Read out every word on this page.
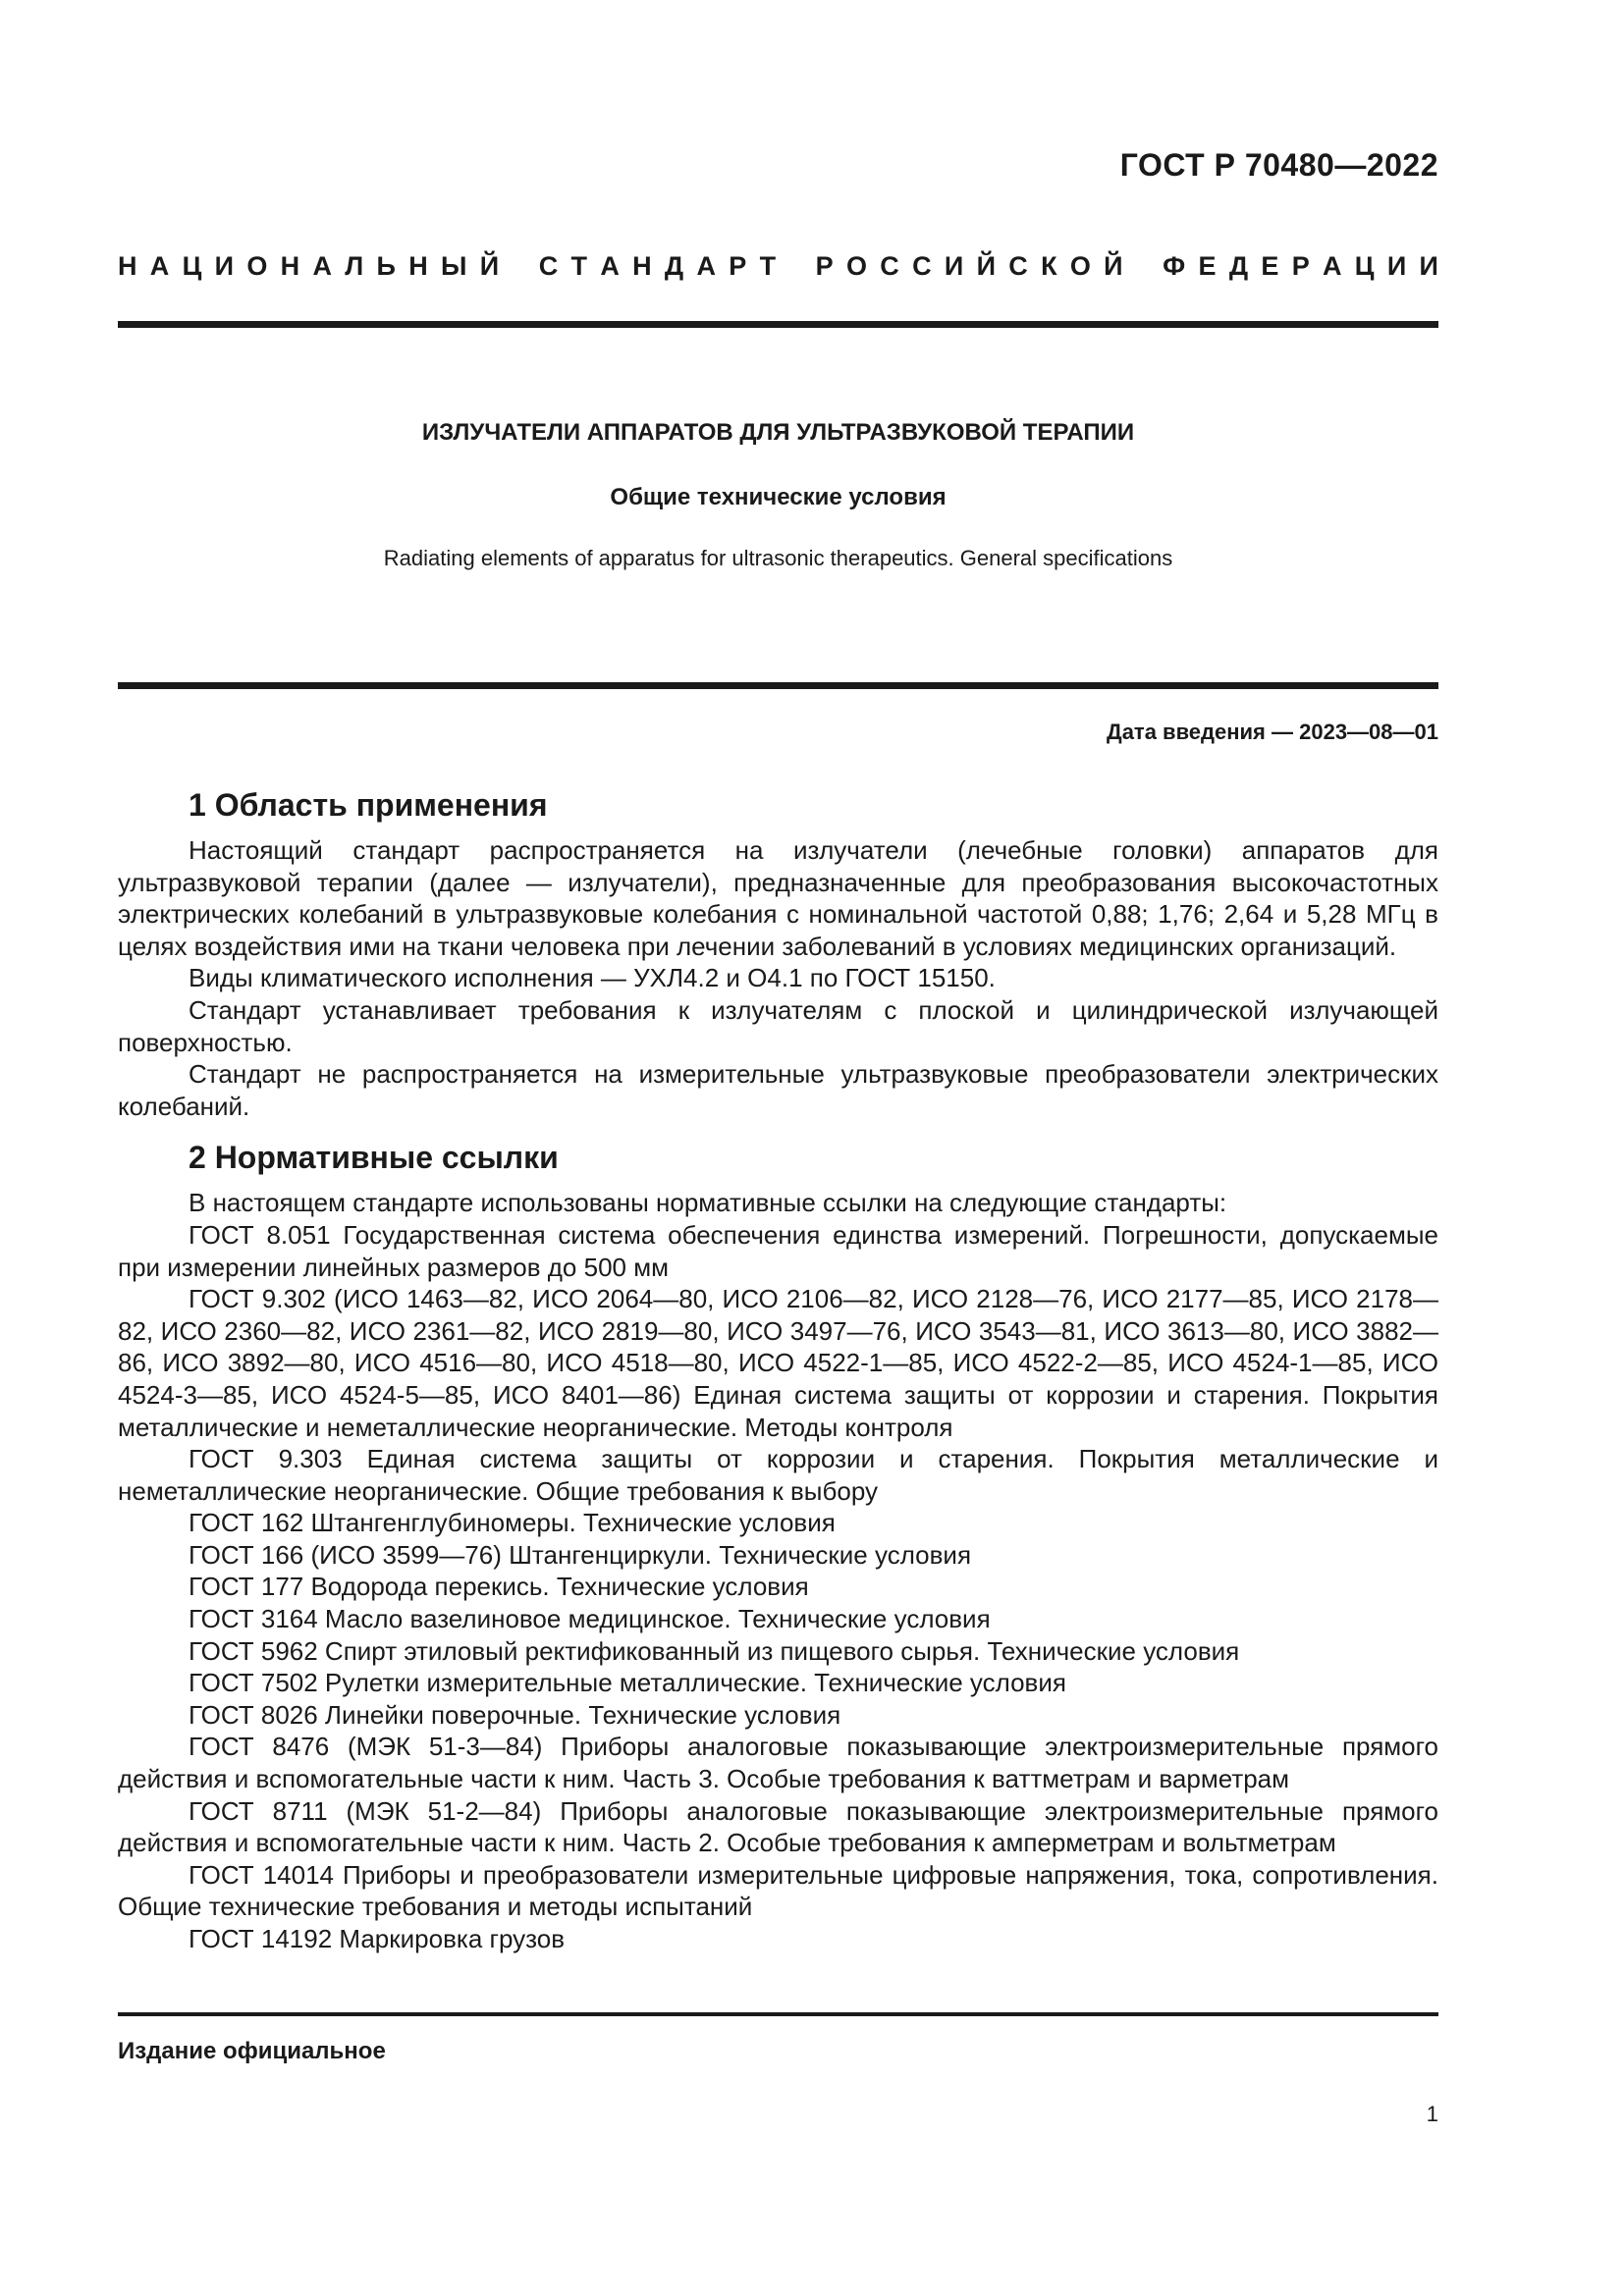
ГОСТ Р 70480—2022

Н А Ц И О Н А Л Ь Н Ы Й
С Т А Н Д А Р Т
Р О С С И Й С К О Й
Ф Е Д Е Р А Ц И И

ИЗЛУЧАТЕЛИ АППАРАТОВ ДЛЯ УЛЬТРАЗВУКОВОЙ ТЕРАПИИ

Общие технические условия

Radiating elements of apparatus for ultrasonic therapeutics. General specifications

Дата введения — 2023—08—01

1 Область применения

Настоящий стандарт распространяется на излучатели (лечебные головки) аппаратов для ультразвуковой терапии (далее — излучатели), предназначенные для преобразования высокочастотных электрических колебаний в ультразвуковые колебания с номинальной частотой 0,88; 1,76; 2,64 и 5,28 МГц в целях воздействия ими на ткани человека при лечении заболеваний в условиях медицинских организаций.

Виды климатического исполнения — УХЛ4.2 и О4.1 по ГОСТ 15150.

Стандарт устанавливает требования к излучателям с плоской и цилиндрической излучающей поверхностью.

Стандарт не распространяется на измерительные ультразвуковые преобразователи электрических колебаний.

2 Нормативные ссылки

В настоящем стандарте использованы нормативные ссылки на следующие стандарты:

ГОСТ 8.051 Государственная система обеспечения единства измерений. Погрешности, допускаемые при измерении линейных размеров до 500 мм

ГОСТ 9.302 (ИСО 1463—82, ИСО 2064—80, ИСО 2106—82, ИСО 2128—76, ИСО 2177—85, ИСО 2178—82, ИСО 2360—82, ИСО 2361—82, ИСО 2819—80, ИСО 3497—76, ИСО 3543—81, ИСО 3613—80, ИСО 3882—86, ИСО 3892—80, ИСО 4516—80, ИСО 4518—80, ИСО 4522-1—85, ИСО 4522-2—85, ИСО 4524-1—85, ИСО 4524-3—85, ИСО 4524-5—85, ИСО 8401—86) Единая система защиты от коррозии и старения. Покрытия металлические и неметаллические неорганические. Методы контроля

ГОСТ 9.303 Единая система защиты от коррозии и старения. Покрытия металлические и неметаллические неорганические. Общие требования к выбору

ГОСТ 162 Штангенглубиномеры. Технические условия

ГОСТ 166 (ИСО 3599—76) Штангенциркули. Технические условия

ГОСТ 177 Водорода перекись. Технические условия

ГОСТ 3164 Масло вазелиновое медицинское. Технические условия

ГОСТ 5962 Спирт этиловый ректификованный из пищевого сырья. Технические условия

ГОСТ 7502 Рулетки измерительные металлические. Технические условия

ГОСТ 8026 Линейки поверочные. Технические условия

ГОСТ 8476 (МЭК 51-3—84) Приборы аналоговые показывающие электроизмерительные прямого действия и вспомогательные части к ним. Часть 3. Особые требования к ваттметрам и варметрам

ГОСТ 8711 (МЭК 51-2—84) Приборы аналоговые показывающие электроизмерительные прямого действия и вспомогательные части к ним. Часть 2. Особые требования к амперметрам и вольтметрам

ГОСТ 14014 Приборы и преобразователи измерительные цифровые напряжения, тока, сопротивления. Общие технические требования и методы испытаний

ГОСТ 14192 Маркировка грузов

Издание официальное

1
